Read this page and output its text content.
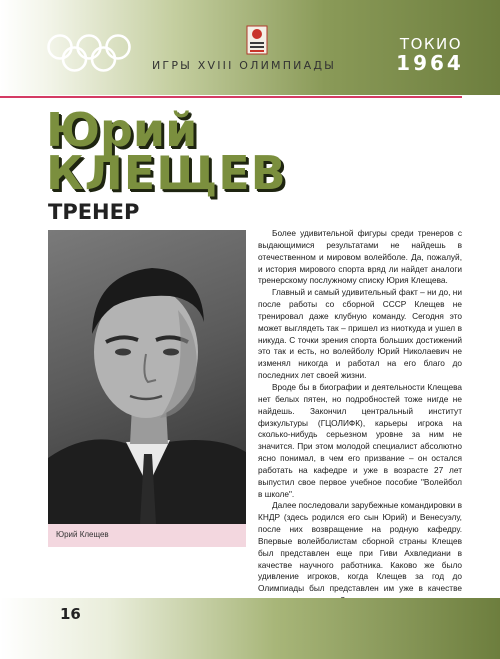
ИГРЫ XVIII ОЛИМПИАДЫ
ТОКИО
1964
Юрий
КЛЕЩЕВ
ТРЕНЕР
Юрий Клещев

Более удивительной фигуры среди тренеров с выдающимися результатами не найдешь в отечественном и мировом волейболе. Да, пожалуй, и история мирового спорта вряд ли найдет аналоги тренерскому послужному списку Юрия Клещева.

Главный и самый удивительный факт – ни до, ни после работы со сборной СССР Клещев не тренировал даже клубную команду. Сегодня это может выглядеть так – пришел из ниоткуда и ушел в никуда. С точки зрения спорта больших достижений это так и есть, но волейболу Юрий Николаевич не изменял никогда и работал на его благо до последних лет своей жизни.

Вроде бы в биографии и деятельности Клещева нет белых пятен, но подробностей тоже нигде не найдешь. Закончил центральный институт физкультуры (ГЦОЛИФК), карьеры игрока на сколько-нибудь серьезном уровне за ним не значится. При этом молодой специалист абсолютно ясно понимал, в чем его призвание – он остался работать на кафедре и уже в возрасте 27 лет выпустил свое первое учебное пособие "Волейбол в школе".

Далее последовали зарубежные командировки в КНДР (здесь родился его сын Юрий) и Венесуэлу, после них возвращение на родную кафедру. Впервые волейболистам сборной страны Клещев был представлен еще при Гиви Ахвледиани в качестве научного работника. Каково же было удивление игроков, когда Клещев за год до Олимпиады был представлен им уже в качестве

16
